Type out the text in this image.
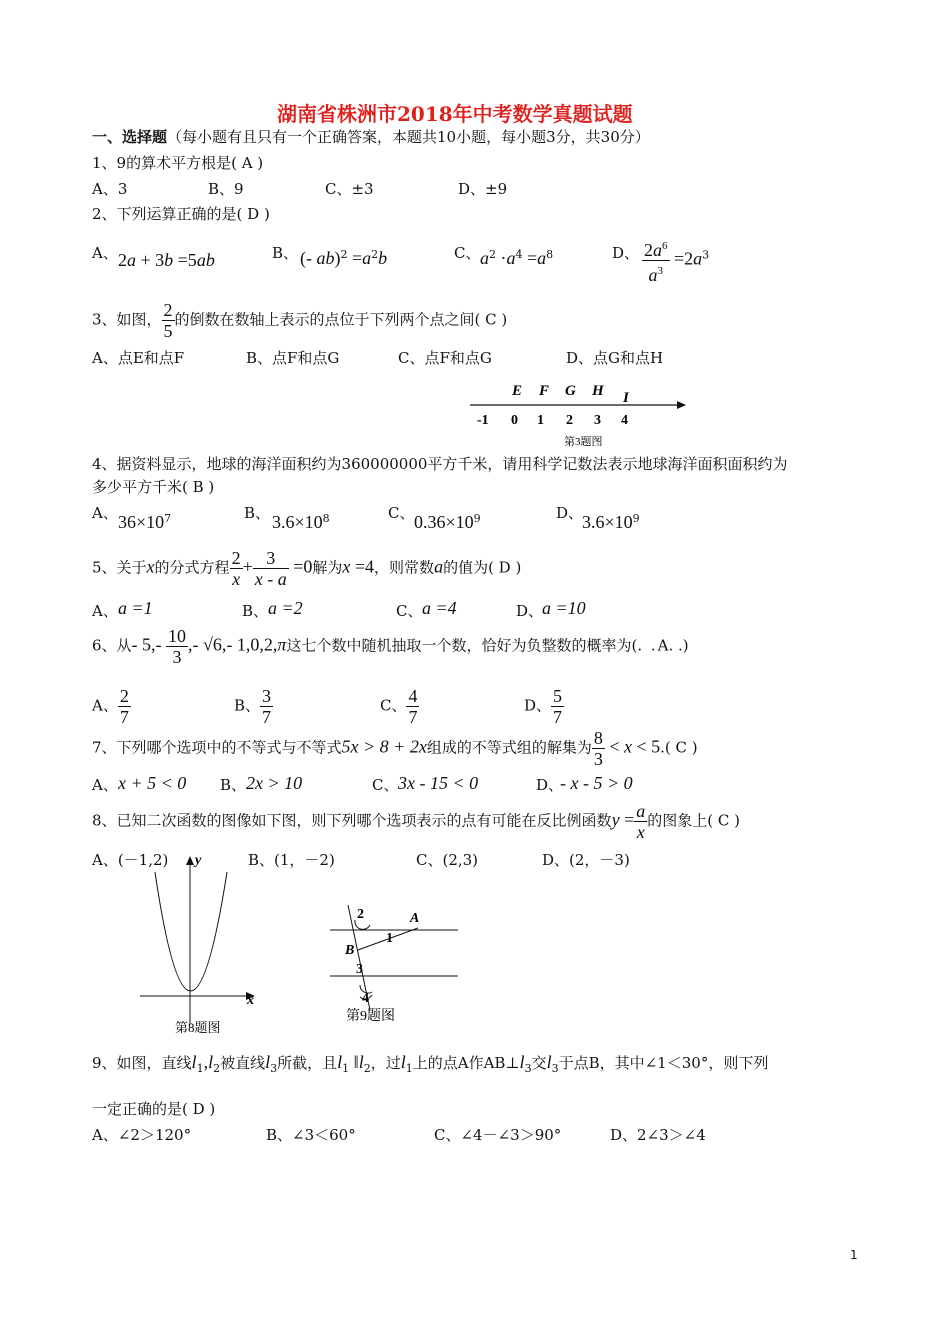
湖南省株洲市2018年中考数学真题试题
一、选择题（每小题有且只有一个正确答案，本题共10小题，每小题3分，共30分）
1、9的算术平方根是( A )
A、3	B、9	C、±3	D、±9
2、下列运算正确的是( D )
A、 2a + 3b =5ab	B、 (- $ab)^2 =a^2b$	C、 $a^2 \cdot a^4 =a^8$	D、 $\frac{2a^6}{a^3} =2a^3$
3、如图， $\frac{2}{5}$ 的倒数在数轴上表示的点位于下列两个点之间( C )
A、点E和点F	B、点F和点G	C、点F和点G	D、点G和点H
E F G H I
-1 0 1 2 3 4
第3题图
4、据资料显示，地球的海洋面积约为360000000平方千米，请用科学记数法表示地球海洋面积面积约为
多少平方千米( B )
A、 $36\times 10^7$	B、 $3.6\times 10^8$	C、 $0.36\times 10^9$	D、
$3.6\times 10^9$
5、关于x的分式方程 $\frac{2}{x} + \frac{3}{x - a} =0$解为x =4，则常数a的值为( D )
A、 a =1	B、 a =2	C、 a =4	D、
a =10
6、从- $5,- \frac{10}{3}$ ,- √6,- 1,0,2,π这七个数中随机抽取一个数，恰好为负整数的概率为(. .A. .)
A、 $\frac{2}{7}$	B、 $\frac{3}{7}$	C、 $\frac{4}{7}$	D、 $\frac{5}{7}$
7、下列哪个选项中的不等式与不等式5x > 8 + 2x组成的不等式组的解集为 $\frac{8}{3} < x < 5$.( C )
A、 x + 5 < 0 B、 2x > 10	C、 3x - 15 < 0	D、
- x - 5 > 0
8、已知二次函数的图像如下图，则下列哪个选项表示的点有可能在反比例函数$y = \frac{a}{x}$ 的图象上( C )
A、(－1,2)	B、(1，－2)	C、(2,3)	D、(2，－3)
y
x
第8题图
2	A
1
B
3
4
第9题图
9、如图，直线$l_1,l_2$被直线$l_3$所截，且$l_1$ $‖l_2$，过$l_1$上的点A作$AB\perp l_3$交$l_3$于点B，其中∠1＜30°，则下列
一定正确的是( D )
A、∠2＞120°	B、∠3＜60°	C、∠4－∠3＞90°	D、2∠3＞∠4
1
